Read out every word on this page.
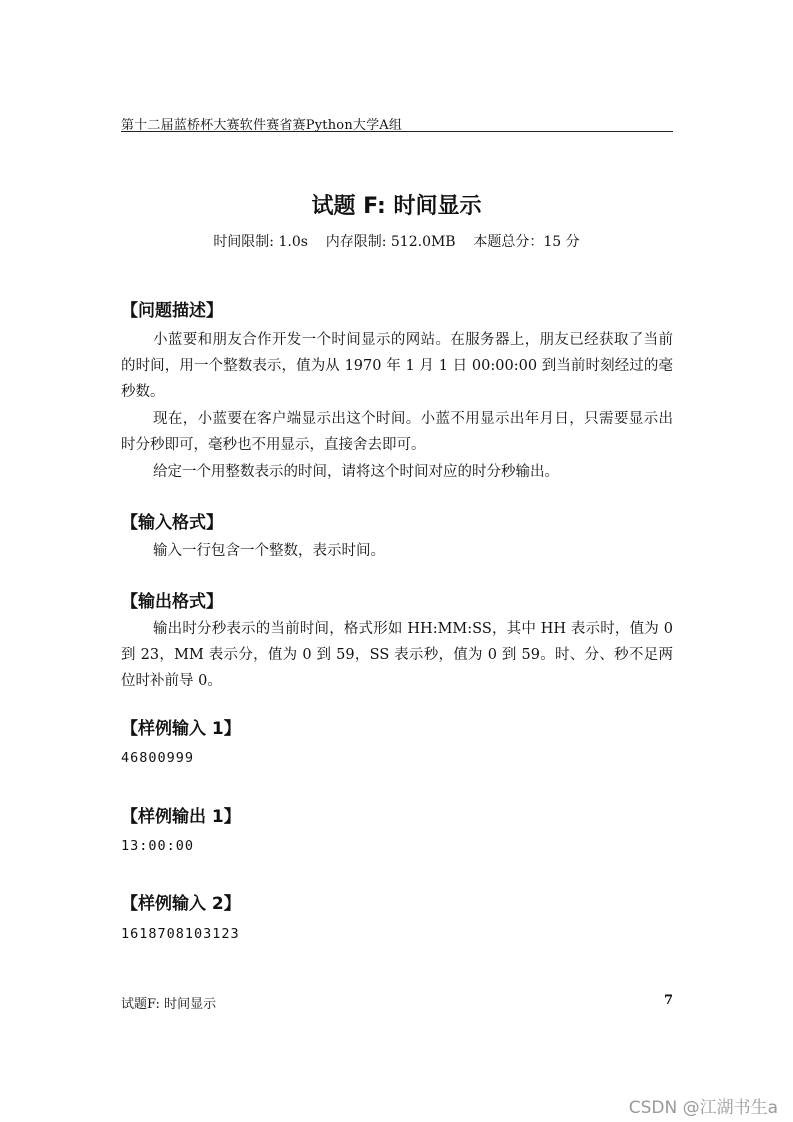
第十二届蓝桥杯大赛软件赛省赛Python大学A组
试题 F: 时间显示
时间限制: 1.0s    内存限制: 512.0MB    本题总分：15 分
【问题描述】
小蓝要和朋友合作开发一个时间显示的网站。在服务器上，朋友已经获取了当前的时间，用一个整数表示，值为从 1970 年 1 月 1 日 00:00:00 到当前时刻经过的毫秒数。
现在，小蓝要在客户端显示出这个时间。小蓝不用显示出年月日，只需要显示出时分秒即可，毫秒也不用显示，直接舍去即可。
给定一个用整数表示的时间，请将这个时间对应的时分秒输出。
【输入格式】
输入一行包含一个整数，表示时间。
【输出格式】
输出时分秒表示的当前时间，格式形如 HH:MM:SS，其中 HH 表示时，值为 0 到 23，MM 表示分，值为 0 到 59，SS 表示秒，值为 0 到 59。时、分、秒不足两位时补前导 0。
【样例输入 1】
46800999
【样例输出 1】
13:00:00
【样例输入 2】
1618708103123
试题F: 时间显示	7
CSDN @江湖书生a
